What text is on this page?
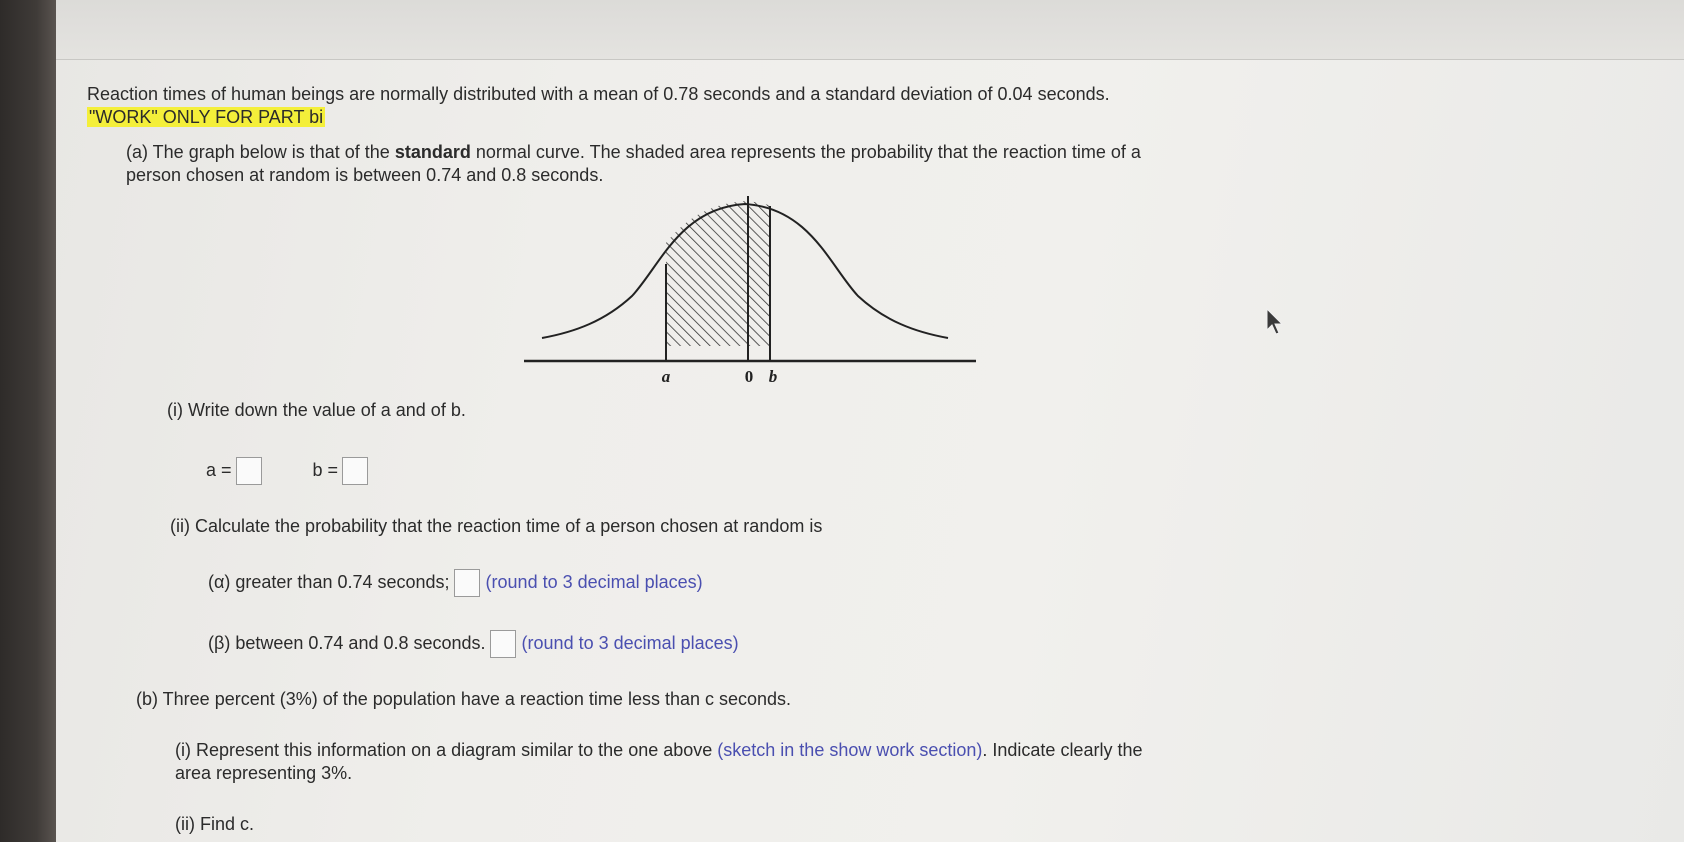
Reaction times of human beings are normally distributed with a mean of 0.78 seconds and a standard deviation of 0.04 seconds.
"WORK" ONLY FOR PART bi
(a) The graph below is that of the standard normal curve. The shaded area represents the probability that the reaction time of a
person chosen at random is between 0.74 and 0.8 seconds.
a	0 b
(i) Write down the value of a and of b.
a =	b =
(ii) Calculate the probability that the reaction time of a person chosen at random is
(α) greater than 0.74 seconds; (round to 3 decimal places)
(β) between 0.74 and 0.8 seconds. (round to 3 decimal places)
(b) Three percent (3%) of the population have a reaction time less than c seconds.
(i) Represent this information on a diagram similar to the one above (sketch in the show work section). Indicate clearly the
area representing 3%.
(ii) Find c.
